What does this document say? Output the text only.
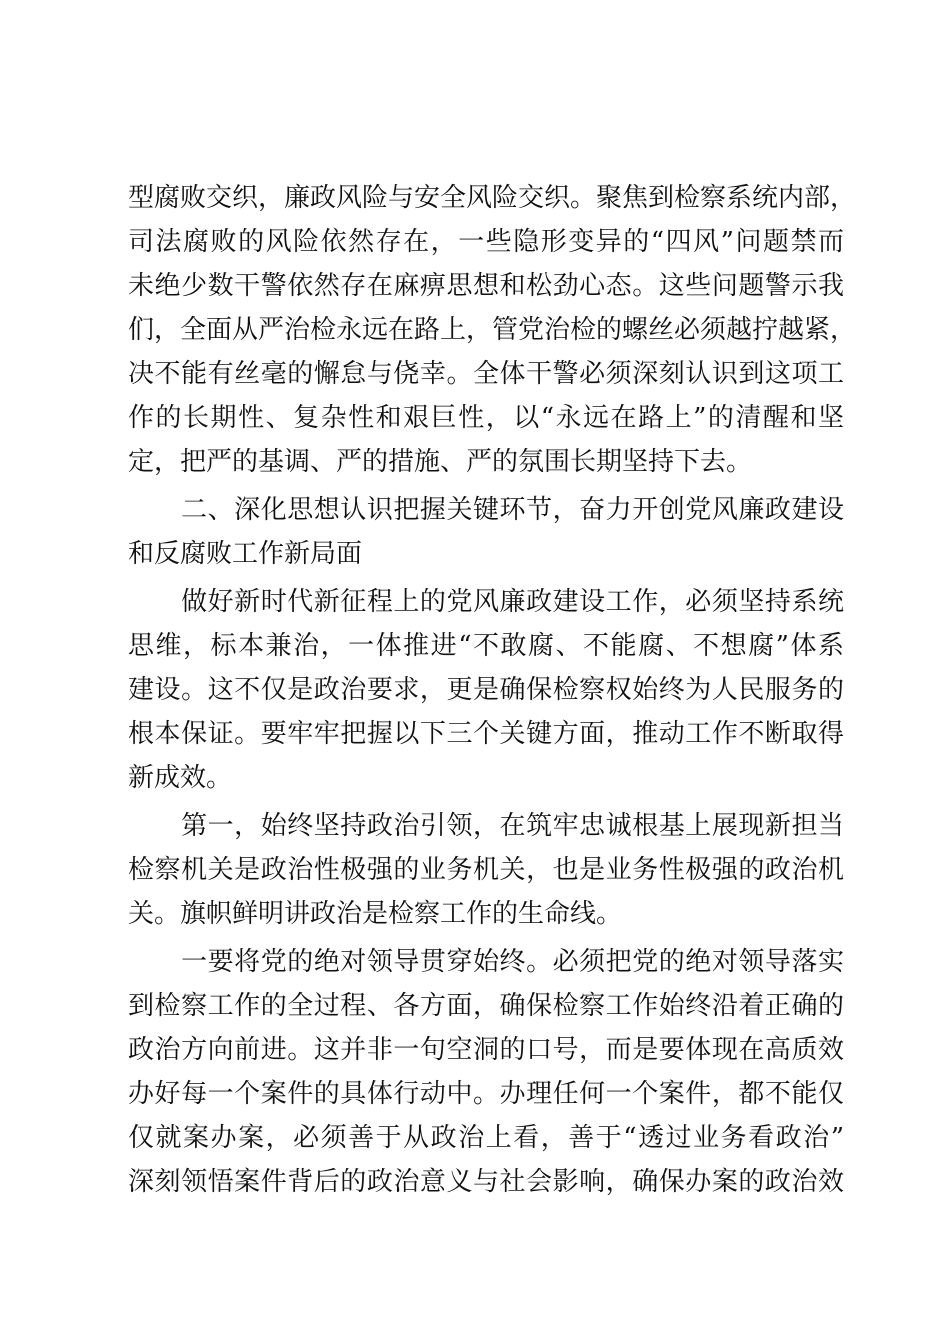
型腐败交织，廉政风险与安全风险交织。聚焦到检察系统内部，
司法腐败的风险依然存在，一些隐形变异的“四风”问题禁而
未绝少数干警依然存在麻痹思想和松劲心态。这些问题警示我
们，全面从严治检永远在路上，管党治检的螺丝必须越拧越紧，
决不能有丝毫的懈怠与侥幸。全体干警必须深刻认识到这项工
作的长期性、复杂性和艰巨性，以“永远在路上”的清醒和坚
定，把严的基调、严的措施、严的氛围长期坚持下去。
　　二、深化思想认识把握关键环节，奋力开创党风廉政建设
和反腐败工作新局面
　　做好新时代新征程上的党风廉政建设工作，必须坚持系统
思维，标本兼治，一体推进“不敢腐、不能腐、不想腐”体系
建设。这不仅是政治要求，更是确保检察权始终为人民服务的
根本保证。要牢牢把握以下三个关键方面，推动工作不断取得
新成效。
　　第一，始终坚持政治引领，在筑牢忠诚根基上展现新担当
检察机关是政治性极强的业务机关，也是业务性极强的政治机
关。旗帜鲜明讲政治是检察工作的生命线。
　　一要将党的绝对领导贯穿始终。必须把党的绝对领导落实
到检察工作的全过程、各方面，确保检察工作始终沿着正确的
政治方向前进。这并非一句空洞的口号，而是要体现在高质效
办好每一个案件的具体行动中。办理任何一个案件，都不能仅
仅就案办案，必须善于从政治上看，善于“透过业务看政治”
深刻领悟案件背后的政治意义与社会影响，确保办案的政治效
